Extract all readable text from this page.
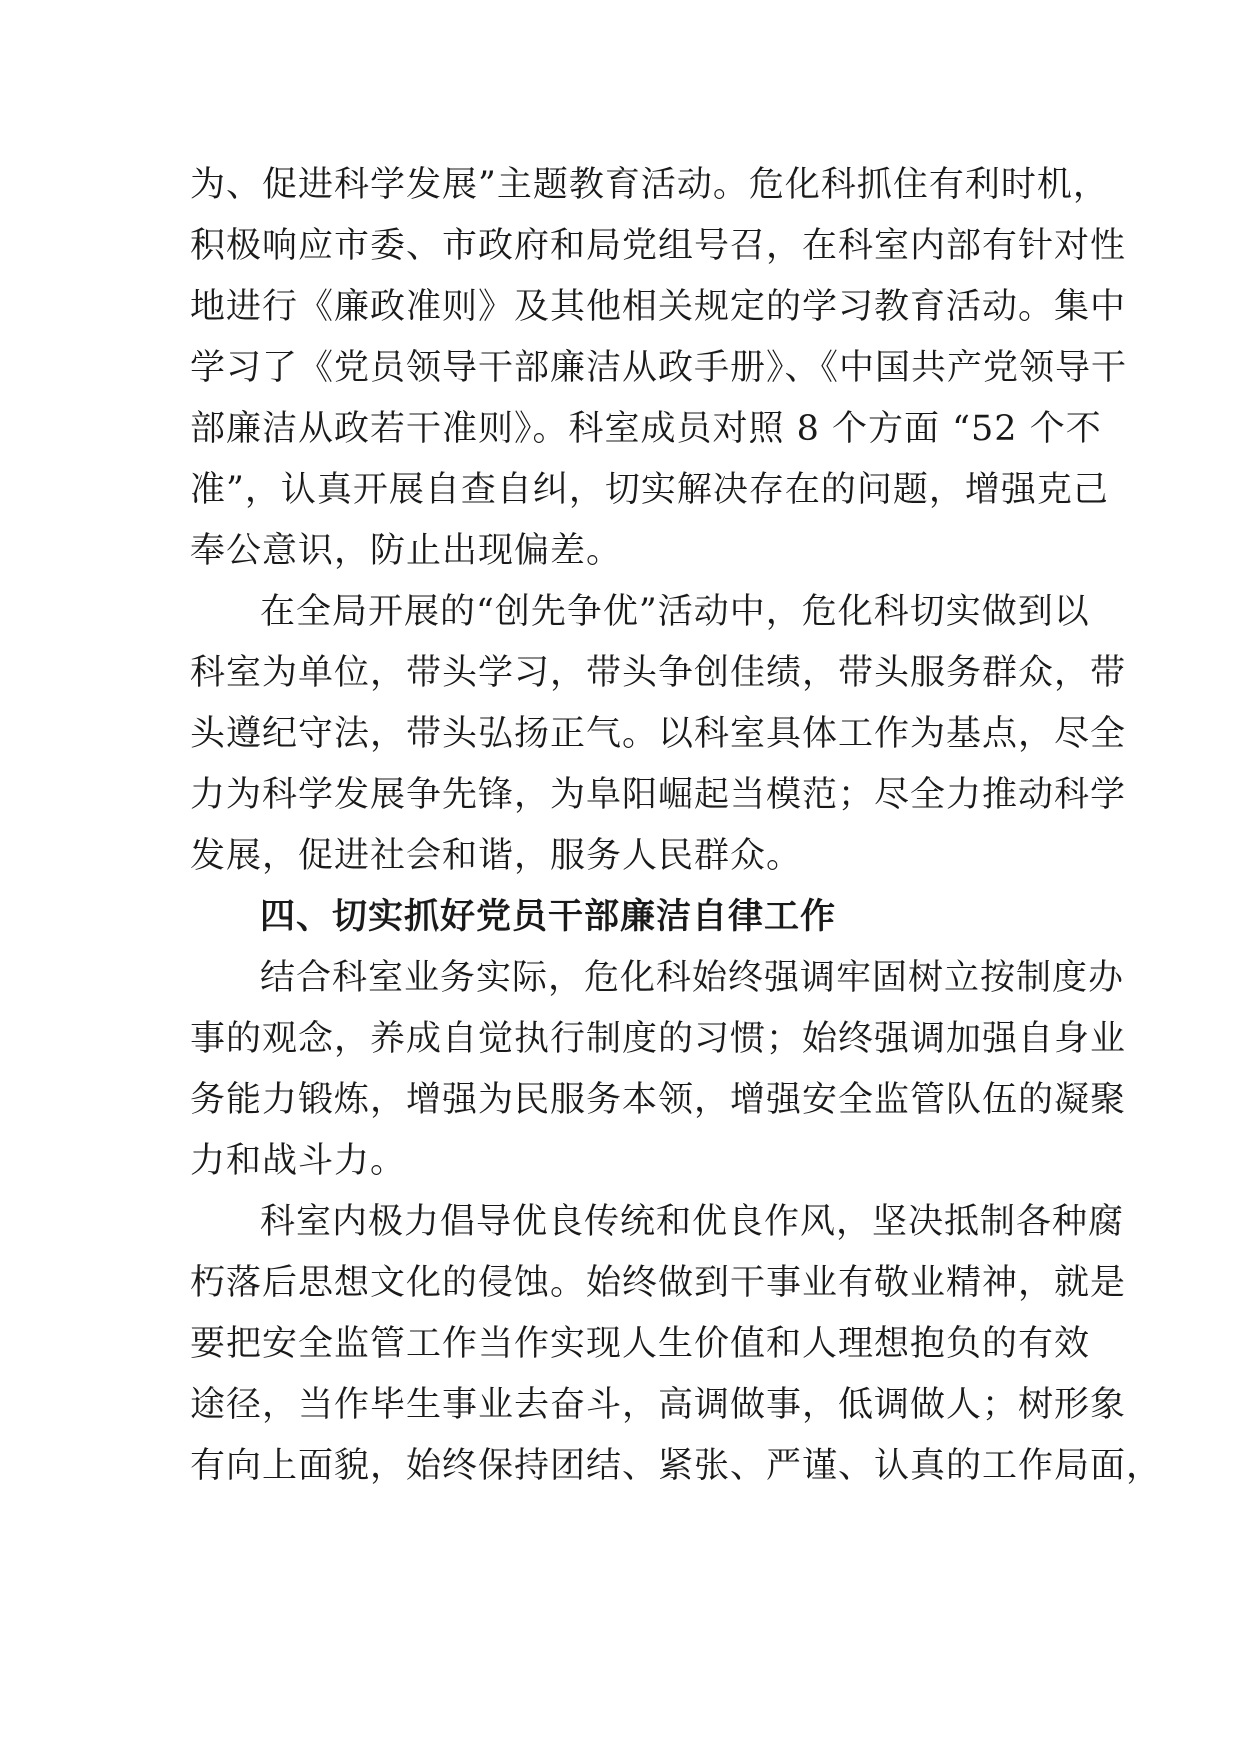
为、促进科学发展”主题教育活动。危化科抓住有利时机，
积极响应市委、市政府和局党组号召，在科室内部有针对性
地进行《廉政准则》及其他相关规定的学习教育活动。集中
学习了《党员领导干部廉洁从政手册》、《中国共产党领导干
部廉洁从政若干准则》。科室成员对照 8 个方面 “52 个不
准”，认真开展自查自纠，切实解决存在的问题，增强克己
奉公意识，防止出现偏差。
在全局开展的“创先争优”活动中，危化科切实做到以
科室为单位，带头学习，带头争创佳绩，带头服务群众，带
头遵纪守法，带头弘扬正气。以科室具体工作为基点，尽全
力为科学发展争先锋，为阜阳崛起当模范；尽全力推动科学
发展，促进社会和谐，服务人民群众。
四、切实抓好党员干部廉洁自律工作
结合科室业务实际，危化科始终强调牢固树立按制度办
事的观念，养成自觉执行制度的习惯；始终强调加强自身业
务能力锻炼，增强为民服务本领，增强安全监管队伍的凝聚
力和战斗力。
科室内极力倡导优良传统和优良作风，坚决抵制各种腐
朽落后思想文化的侵蚀。始终做到干事业有敬业精神，就是
要把安全监管工作当作实现人生价值和人理想抱负的有效
途径，当作毕生事业去奋斗，高调做事，低调做人；树形象
有向上面貌，始终保持团结、紧张、严谨、认真的工作局面，
